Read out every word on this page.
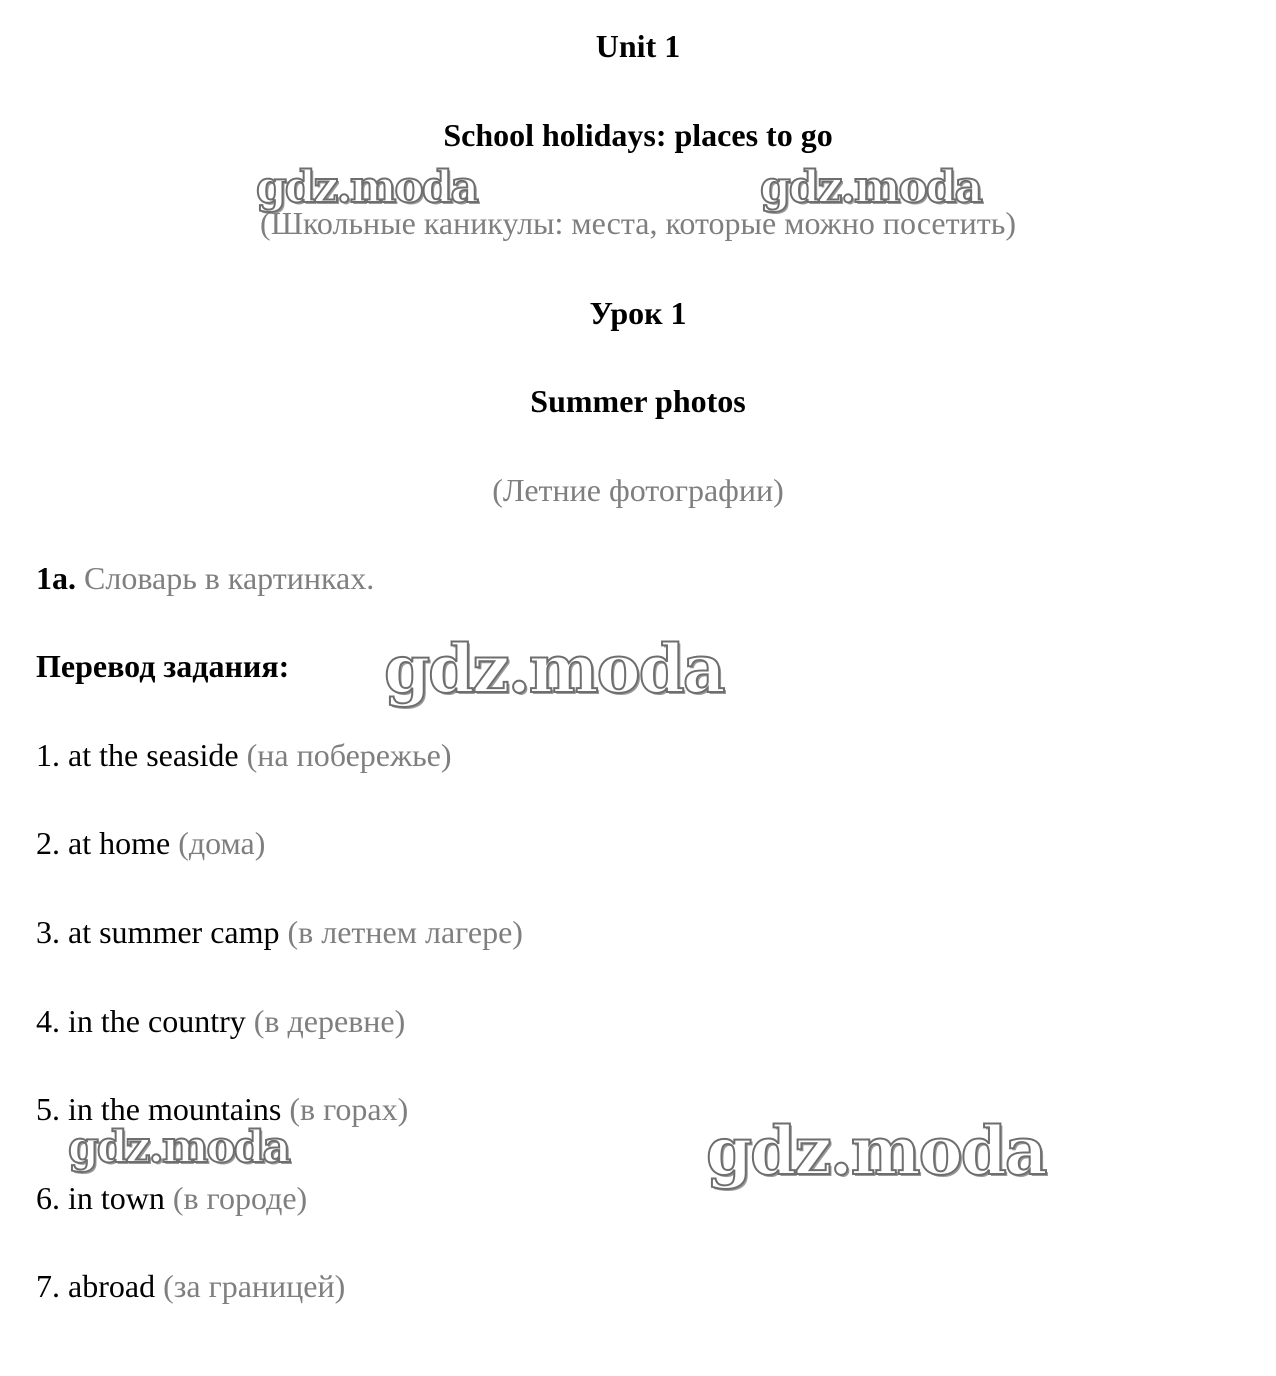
Unit 1
School holidays: places to go
(Школьные каникулы: места, которые можно посетить)
Урок 1
Summer photos
(Летние фотографии)
1a. Словарь в картинках.
Перевод задания:
1. at the seaside (на побережье)
2. at home (дома)
3. at summer camp (в летнем лагере)
4. in the country (в деревне)
5. in the mountains (в горах)
6. in town (в городе)
7. abroad (за границей)
gdz.moda	gdz.moda
gdz.moda
gdz.moda	gdz.moda
